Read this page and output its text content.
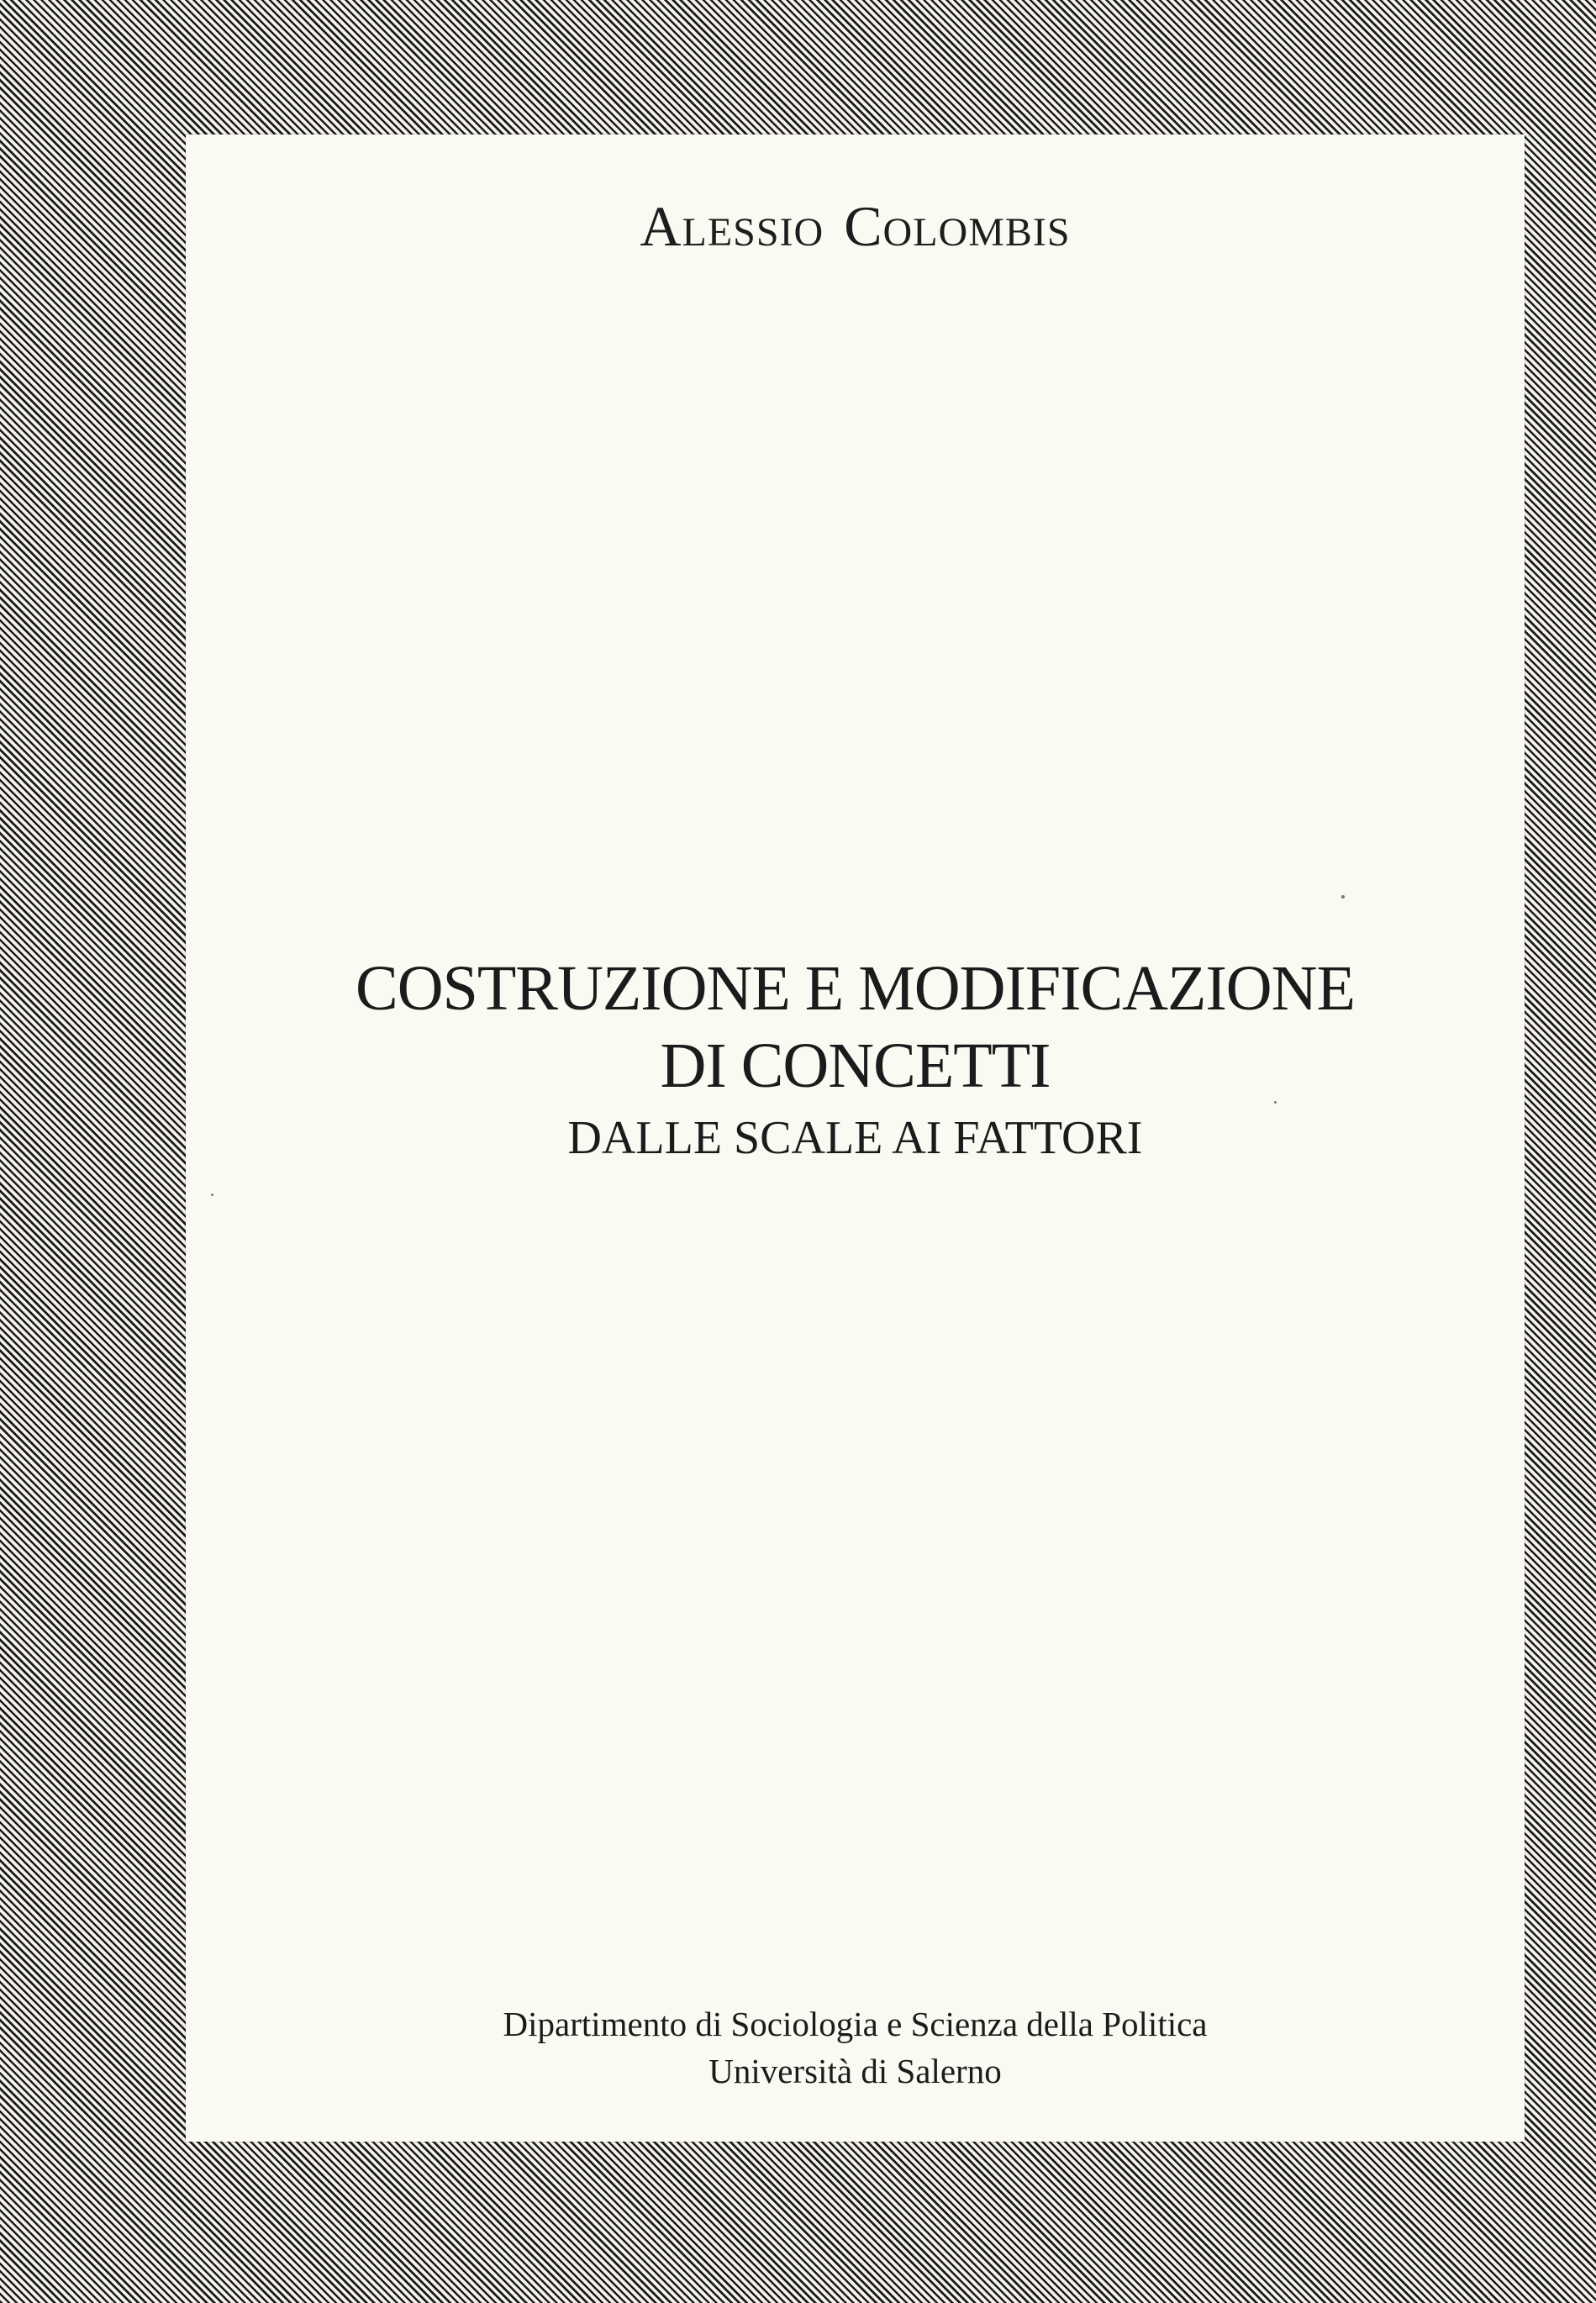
Alessio Colombis
COSTRUZIONE E MODIFICAZIONE
DI CONCETTI
DALLE SCALE AI FATTORI
Dipartimento di Sociologia e Scienza della Politica
Università di Salerno
